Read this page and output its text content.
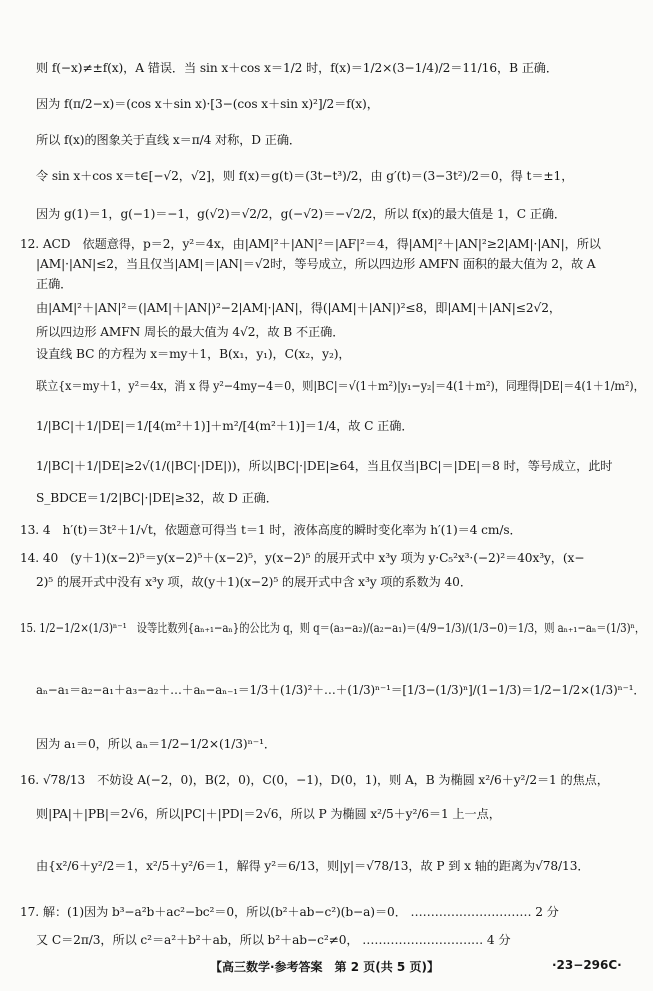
则 f(−x)≠±f(x)，A 错误．当 sin x＋cos x＝1/2 时，f(x)＝1/2×(3−1/4)/2＝11/16，B 正确．
因为 f(π/2−x)＝(cos x＋sin x)·[3−(cos x＋sin x)²]/2＝f(x)，
所以 f(x)的图象关于直线 x＝π/4 对称，D 正确．
令 sin x＋cos x＝t∈[−√2，√2]，则 f(x)＝g(t)＝(3t−t³)/2，由 g′(t)＝(3−3t²)/2＝0，得 t＝±1，
因为 g(1)＝1，g(−1)＝−1，g(√2)＝√2/2，g(−√2)＝−√2/2，所以 f(x)的最大值是 1，C 正确．
12. ACD　依题意得，p＝2，y²＝4x，由|AM|²＋|AN|²＝|AF|²＝4，得|AM|²＋|AN|²≥2|AM|·|AN|，所以
|AM|·|AN|≤2，当且仅当|AM|＝|AN|＝√2时，等号成立，所以四边形 AMFN 面积的最大值为 2，故 A
正确．
由|AM|²＋|AN|²＝(|AM|＋|AN|)²−2|AM|·|AN|，得(|AM|＋|AN|)²≤8，即|AM|＋|AN|≤2√2，
所以四边形 AMFN 周长的最大值为 4√2，故 B 不正确．
设直线 BC 的方程为 x＝my＋1，B(x₁，y₁)，C(x₂，y₂)，
联立{x＝my＋1，y²＝4x，消 x 得 y²−4my−4＝0，则|BC|＝√(1＋m²)|y₁−y₂|＝4(1＋m²)，同理得|DE|＝4(1＋1/m²)，
1/|BC|＋1/|DE|＝1/[4(m²＋1)]＋m²/[4(m²＋1)]＝1/4，故 C 正确．
1/|BC|＋1/|DE|≥2√(1/(|BC|·|DE|))，所以|BC|·|DE|≥64，当且仅当|BC|＝|DE|＝8 时，等号成立，此时
S_BDCE＝1/2|BC|·|DE|≥32，故 D 正确．
13. 4　h′(t)＝3t²＋1/√t，依题意可得当 t＝1 时，液体高度的瞬时变化率为 h′(1)＝4 cm/s．
14. 40　(y＋1)(x−2)⁵＝y(x−2)⁵＋(x−2)⁵，y(x−2)⁵ 的展开式中 x³y 项为 y·C₅²x³·(−2)²＝40x³y，(x−
2)⁵ 的展开式中没有 x³y 项，故(y＋1)(x−2)⁵ 的展开式中含 x³y 项的系数为 40．
15. 1/2−1/2×(1/3)ⁿ⁻¹　设等比数列{aₙ₊₁−aₙ}的公比为 q，则 q＝(a₃−a₂)/(a₂−a₁)＝(4/9−1/3)/(1/3−0)＝1/3，则 aₙ₊₁−aₙ＝(1/3)ⁿ，
aₙ−a₁＝a₂−a₁＋a₃−a₂＋…＋aₙ−aₙ₋₁＝1/3＋(1/3)²＋…＋(1/3)ⁿ⁻¹＝[1/3−(1/3)ⁿ]/(1−1/3)＝1/2−1/2×(1/3)ⁿ⁻¹．
因为 a₁＝0，所以 aₙ＝1/2−1/2×(1/3)ⁿ⁻¹．
16. √78/13　不妨设 A(−2，0)，B(2，0)，C(0，−1)，D(0，1)，则 A，B 为椭圆 x²/6＋y²/2＝1 的焦点，
则|PA|＋|PB|＝2√6，所以|PC|＋|PD|＝2√6，所以 P 为椭圆 x²/5＋y²/6＝1 上一点，
由{x²/6＋y²/2＝1，x²/5＋y²/6＝1，解得 y²＝6/13，则|y|＝√78/13，故 P 到 x 轴的距离为√78/13．
17. 解：(1)因为 b³−a²b＋ac²−bc²＝0，所以(b²＋ab−c²)(b−a)＝0． ………………………… 2 分
又 C＝2π/3，所以 c²＝a²＋b²＋ab，所以 b²＋ab−c²≠0， ………………………… 4 分
【高三数学·参考答案　第 2 页(共 5 页)】	·23−296C·
